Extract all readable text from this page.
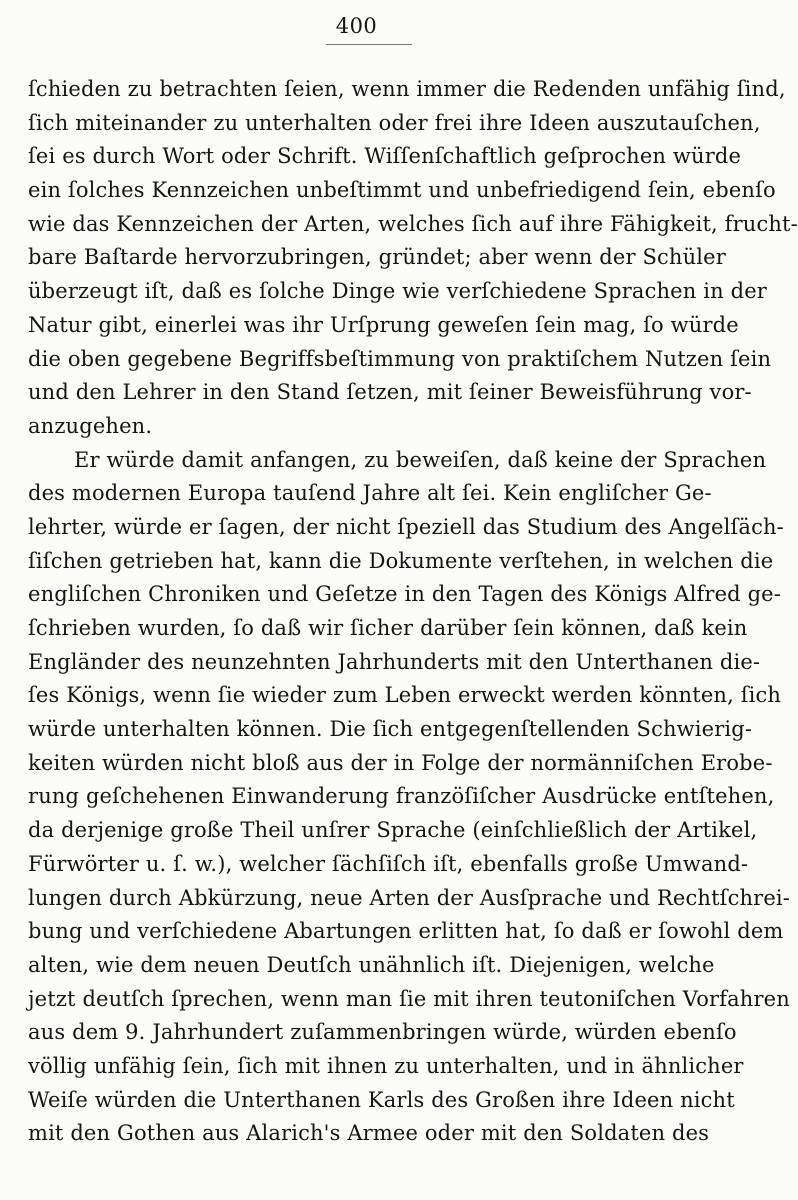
400
ſchieden zu betrachten ſeien, wenn immer die Redenden unfähig ſind,
ſich miteinander zu unterhalten oder frei ihre Ideen auszutauſchen,
ſei es durch Wort oder Schrift. Wiſſenſchaftlich geſprochen würde
ein ſolches Kennzeichen unbeſtimmt und unbefriedigend ſein, ebenſo
wie das Kennzeichen der Arten, welches ſich auf ihre Fähigkeit, frucht-
bare Baſtarde hervorzubringen, gründet; aber wenn der Schüler
überzeugt iſt, daß es ſolche Dinge wie verſchiedene Sprachen in der
Natur gibt, einerlei was ihr Urſprung geweſen ſein mag, ſo würde
die oben gegebene Begriffsbeſtimmung von praktiſchem Nutzen ſein
und den Lehrer in den Stand ſetzen, mit ſeiner Beweisführung vor-
anzugehen.
Er würde damit anfangen, zu beweiſen, daß keine der Sprachen
des modernen Europa tauſend Jahre alt ſei. Kein engliſcher Ge-
lehrter, würde er ſagen, der nicht ſpeziell das Studium des Angelſäch-
ſiſchen getrieben hat, kann die Dokumente verſtehen, in welchen die
engliſchen Chroniken und Geſetze in den Tagen des Königs Alfred ge-
ſchrieben wurden, ſo daß wir ſicher darüber ſein können, daß kein
Engländer des neunzehnten Jahrhunderts mit den Unterthanen die-
ſes Königs, wenn ſie wieder zum Leben erweckt werden könnten, ſich
würde unterhalten können. Die ſich entgegenſtellenden Schwierig-
keiten würden nicht bloß aus der in Folge der normänniſchen Erobe-
rung geſchehenen Einwanderung franzöſiſcher Ausdrücke entſtehen,
da derjenige große Theil unſrer Sprache (einſchließlich der Artikel,
Fürwörter u. ſ. w.), welcher ſächſiſch iſt, ebenfalls große Umwand-
lungen durch Abkürzung, neue Arten der Ausſprache und Rechtſchrei-
bung und verſchiedene Abartungen erlitten hat, ſo daß er ſowohl dem
alten, wie dem neuen Deutſch unähnlich iſt. Diejenigen, welche
jetzt deutſch ſprechen, wenn man ſie mit ihren teutoniſchen Vorfahren
aus dem 9. Jahrhundert zuſammenbringen würde, würden ebenſo
völlig unfähig ſein, ſich mit ihnen zu unterhalten, und in ähnlicher
Weiſe würden die Unterthanen Karls des Großen ihre Ideen nicht
mit den Gothen aus Alarich's Armee oder mit den Soldaten des
